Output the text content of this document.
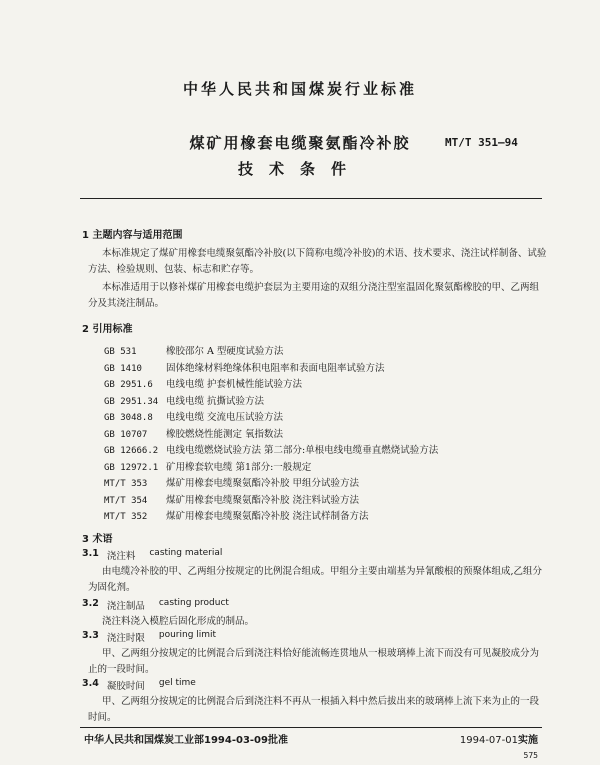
中华人民共和国煤炭行业标准
煤矿用橡套电缆聚氨酯冷补胶
技术条件
MT/T 351—94
1 主题内容与适用范围
本标准规定了煤矿用橡套电缆聚氨酯冷补胶(以下简称电缆冷补胶)的术语、技术要求、浇注试样制备、试验方法、检验规则、包装、标志和贮存等。
本标准适用于以修补煤矿用橡套电缆护套层为主要用途的双组分浇注型室温固化聚氨酯橡胶的甲、乙两组分及其浇注制品。
2 引用标准
GB 531	橡胶邵尔 A 型硬度试验方法
GB 1410	固体绝缘材料绝缘体积电阻率和表面电阻率试验方法
GB 2951.6	电线电缆 护套机械性能试验方法
GB 2951.34 电线电缆 抗撕试验方法
GB 3048.8	电线电缆 交流电压试验方法
GB 10707	橡胶燃烧性能测定 氧指数法
GB 12666.2 电线电缆燃烧试验方法 第二部分:单根电线电缆垂直燃烧试验方法
GB 12972.1 矿用橡套软电缆 第1部分:一般规定
MT/T 353	煤矿用橡套电缆聚氨酯冷补胶 甲组分试验方法
MT/T 354	煤矿用橡套电缆聚氨酯冷补胶 浇注料试验方法
MT/T 352	煤矿用橡套电缆聚氨酯冷补胶 浇注试样制备方法
3 术语
3.1 浇注料 casting material
由电缆冷补胶的甲、乙两组分按规定的比例混合组成。甲组分主要由端基为异氰酸根的预聚体组成,乙组分为固化剂。
3.2 浇注制品 casting product
浇注料浇入模腔后固化形成的制品。
3.3 浇注时限 pouring limit
甲、乙两组分按规定的比例混合后到浇注料恰好能流畅连贯地从一根玻璃棒上流下而没有可见凝胶成分为止的一段时间。
3.4 凝胶时间 gel time
甲、乙两组分按规定的比例混合后到浇注料不再从一根插入料中然后拔出来的玻璃棒上流下来为止的一段时间。
中华人民共和国煤炭工业部1994-03-09批准	1994-07-01实施
575
